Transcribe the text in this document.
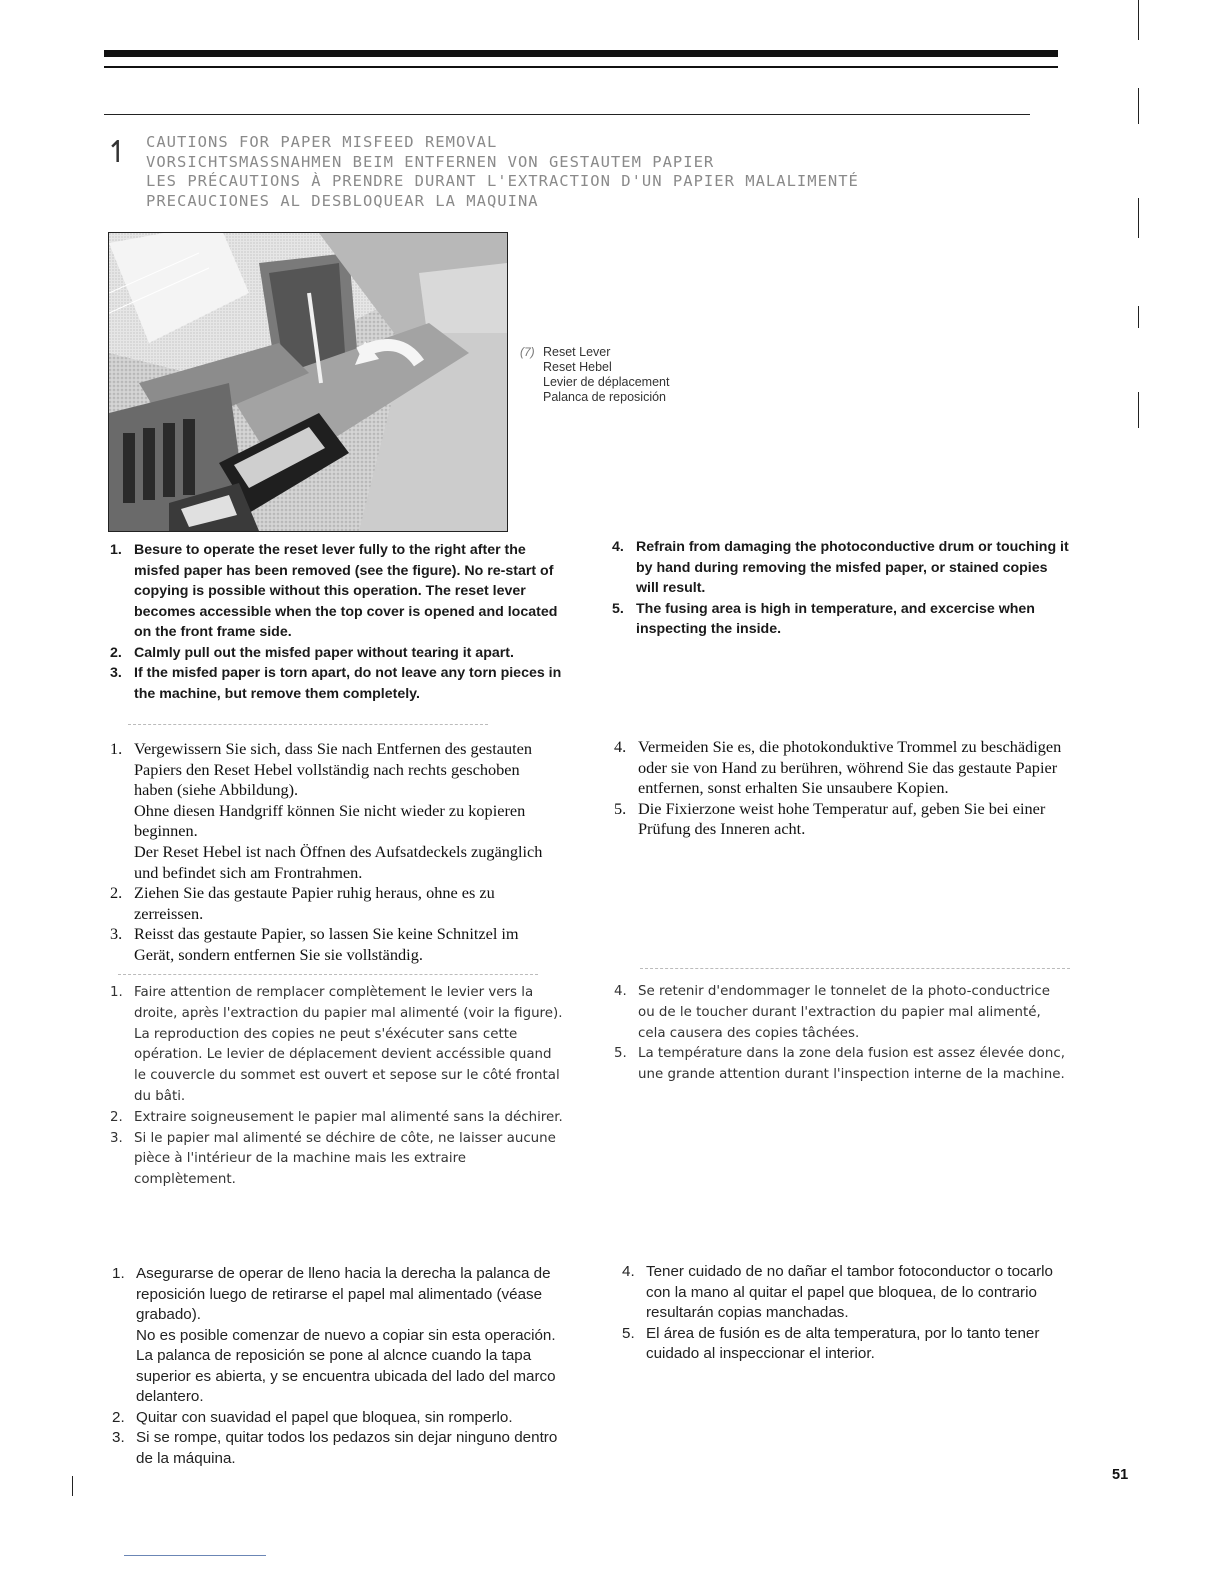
↿ CAUTIONS FOR PAPER MISFEED REMOVAL
VORSICHTSMASSNAHMEN BEIM ENTFERNEN VON GESTAUTEM PAPIER
LES PRÉCAUTIONS À PRENDRE DURANT L'EXTRACTION D'UN PAPIER MALALIMENTÉ
PRECAUCIONES AL DESBLOQUEAR LA MAQUINA
(7) Reset Lever
Reset Hebel
Levier de déplacement
Palanca de reposición
1. Besure to operate the reset lever fully to the right after the misfed paper has been removed (see the figure). No re-start of copying is possible without this operation. The reset lever becomes accessible when the top cover is opened and located on the front frame side.

2. Calmly pull out the misfed paper without tearing it apart.

3. If the misfed paper is torn apart, do not leave any torn pieces in the machine, but remove them completely.

4. Refrain from damaging the photoconductive drum or touching it by hand during removing the misfed paper, or stained copies will result.

5. The fusing area is high in temperature, and excercise when inspecting the inside.

1. Vergewissern Sie sich, dass Sie nach Entfernen des gestauten Papiers den Reset Hebel vollständig nach rechts geschoben haben (siehe Abbildung).

Ohne diesen Handgriff können Sie nicht wieder zu kopieren beginnen.

Der Reset Hebel ist nach Öffnen des Aufsatdeckels zugänglich und befindet sich am Frontrahmen.

2. Ziehen Sie das gestaute Papier ruhig heraus, ohne es zu zerreissen.

3. Reisst das gestaute Papier, so lassen Sie keine Schnitzel im Gerät, sondern entfernen Sie sie vollständig.

4. Vermeiden Sie es, die photokonduktive Trommel zu beschädigen oder sie von Hand zu berühren, wöhrend Sie das gestaute Papier entfernen, sonst erhalten Sie unsaubere Kopien.

5. Die Fixierzone weist hohe Temperatur auf, geben Sie bei einer Prüfung des Inneren acht.

1. Faire attention de remplacer complètement le levier vers la droite, après l'extraction du papier mal alimenté (voir la figure).

La reproduction des copies ne peut s'éxécuter sans cette opération. Le levier de déplacement devient accéssible quand le couvercle du sommet est ouvert et sepose sur le côté frontal du bâti.

2. Extraire soigneusement le papier mal alimenté sans la déchirer.

3. Si le papier mal alimenté se déchire de côte, ne laisser aucune pièce à l'intérieur de la machine mais les extraire complètement.

4. Se retenir d'endommager le tonnelet de la photo-conductrice ou de le toucher durant l'extraction du papier mal alimenté, cela causera des copies tâchées.

5. La température dans la zone dela fusion est assez élevée donc, une grande attention durant l'inspection interne de la machine.

1. Asegurarse de operar de lleno hacia la derecha la palanca de reposición luego de retirarse el papel mal alimentado (véase grabado).

No es posible comenzar de nuevo a copiar sin esta operación. La palanca de reposición se pone al alcnce cuando la tapa superior es abierta, y se encuentra ubicada del lado del marco delantero.

2. Quitar con suavidad el papel que bloquea, sin romperlo.

3. Si se rompe, quitar todos los pedazos sin dejar ninguno dentro de la máquina.

4. Tener cuidado de no dañar el tambor fotoconductor o tocarlo con la mano al quitar el papel que bloquea, de lo contrario resultarán copias manchadas.

5. El área de fusión es de alta temperatura, por lo tanto tener cuidado al inspeccionar el interior.

51
